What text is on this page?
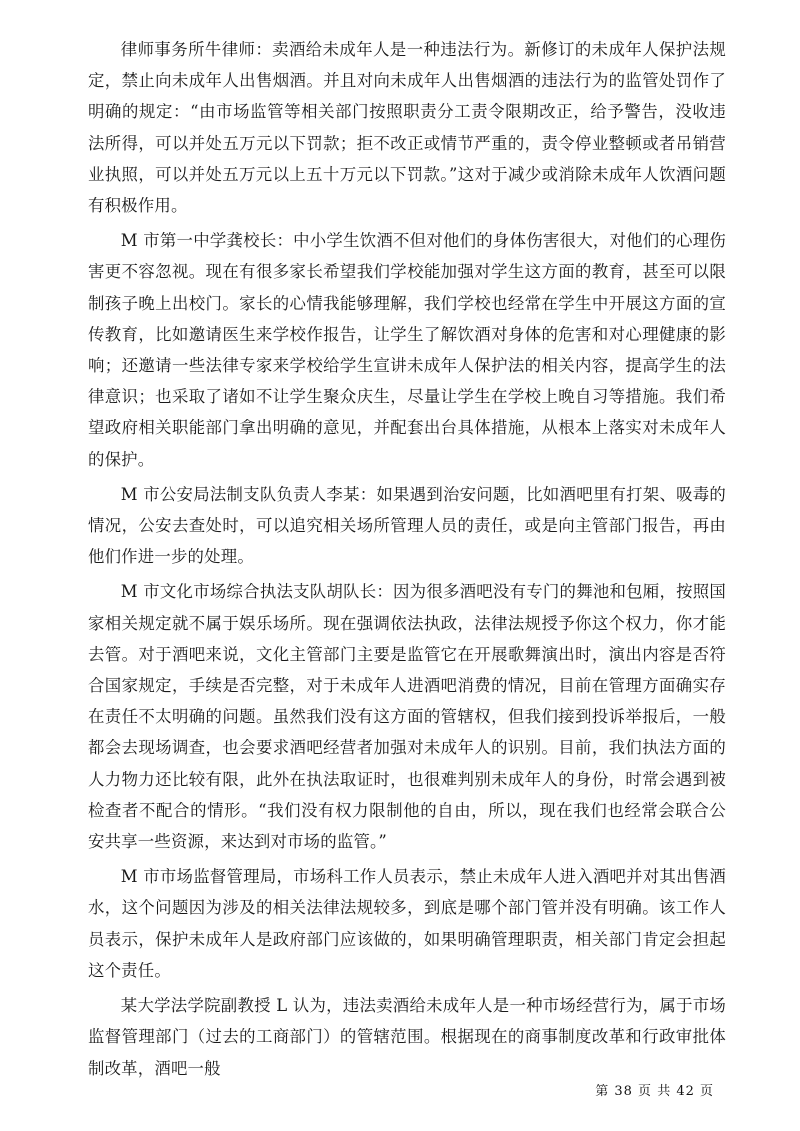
律师事务所牛律师：卖酒给未成年人是一种违法行为。新修订的未成年人保护法规定，禁止向未成年人出售烟酒。并且对向未成年人出售烟酒的违法行为的监管处罚作了明确的规定：“由市场监管等相关部门按照职责分工责令限期改正，给予警告，没收违法所得，可以并处五万元以下罚款；拒不改正或情节严重的，责令停业整顿或者吊销营业执照，可以并处五万元以上五十万元以下罚款。”这对于减少或消除未成年人饮酒问题有积极作用。

M 市第一中学龚校长：中小学生饮酒不但对他们的身体伤害很大，对他们的心理伤害更不容忽视。现在有很多家长希望我们学校能加强对学生这方面的教育，甚至可以限制孩子晚上出校门。家长的心情我能够理解，我们学校也经常在学生中开展这方面的宣传教育，比如邀请医生来学校作报告，让学生了解饮酒对身体的危害和对心理健康的影响；还邀请一些法律专家来学校给学生宣讲未成年人保护法的相关内容，提高学生的法律意识；也采取了诸如不让学生聚众庆生，尽量让学生在学校上晚自习等措施。我们希望政府相关职能部门拿出明确的意见，并配套出台具体措施，从根本上落实对未成年人的保护。

M 市公安局法制支队负责人李某：如果遇到治安问题，比如酒吧里有打架、吸毒的情况，公安去查处时，可以追究相关场所管理人员的责任，或是向主管部门报告，再由他们作进一步的处理。

M 市文化市场综合执法支队胡队长：因为很多酒吧没有专门的舞池和包厢，按照国家相关规定就不属于娱乐场所。现在强调依法执政，法律法规授予你这个权力，你才能去管。对于酒吧来说，文化主管部门主要是监管它在开展歌舞演出时，演出内容是否符合国家规定，手续是否完整，对于未成年人进酒吧消费的情况，目前在管理方面确实存在责任不太明确的问题。虽然我们没有这方面的管辖权，但我们接到投诉举报后，一般都会去现场调查，也会要求酒吧经营者加强对未成年人的识别。目前，我们执法方面的人力物力还比较有限，此外在执法取证时，也很难判别未成年人的身份，时常会遇到被检查者不配合的情形。“我们没有权力限制他的自由，所以，现在我们也经常会联合公安共享一些资源，来达到对市场的监管。”

M 市市场监督管理局，市场科工作人员表示，禁止未成年人进入酒吧并对其出售酒水，这个问题因为涉及的相关法律法规较多，到底是哪个部门管并没有明确。该工作人员表示，保护未成年人是政府部门应该做的，如果明确管理职责，相关部门肯定会担起这个责任。

某大学法学院副教授 L 认为，违法卖酒给未成年人是一种市场经营行为，属于市场监督管理部门（过去的工商部门）的管辖范围。根据现在的商事制度改革和行政审批体制改革，酒吧一般

第 38 页 共 42 页
